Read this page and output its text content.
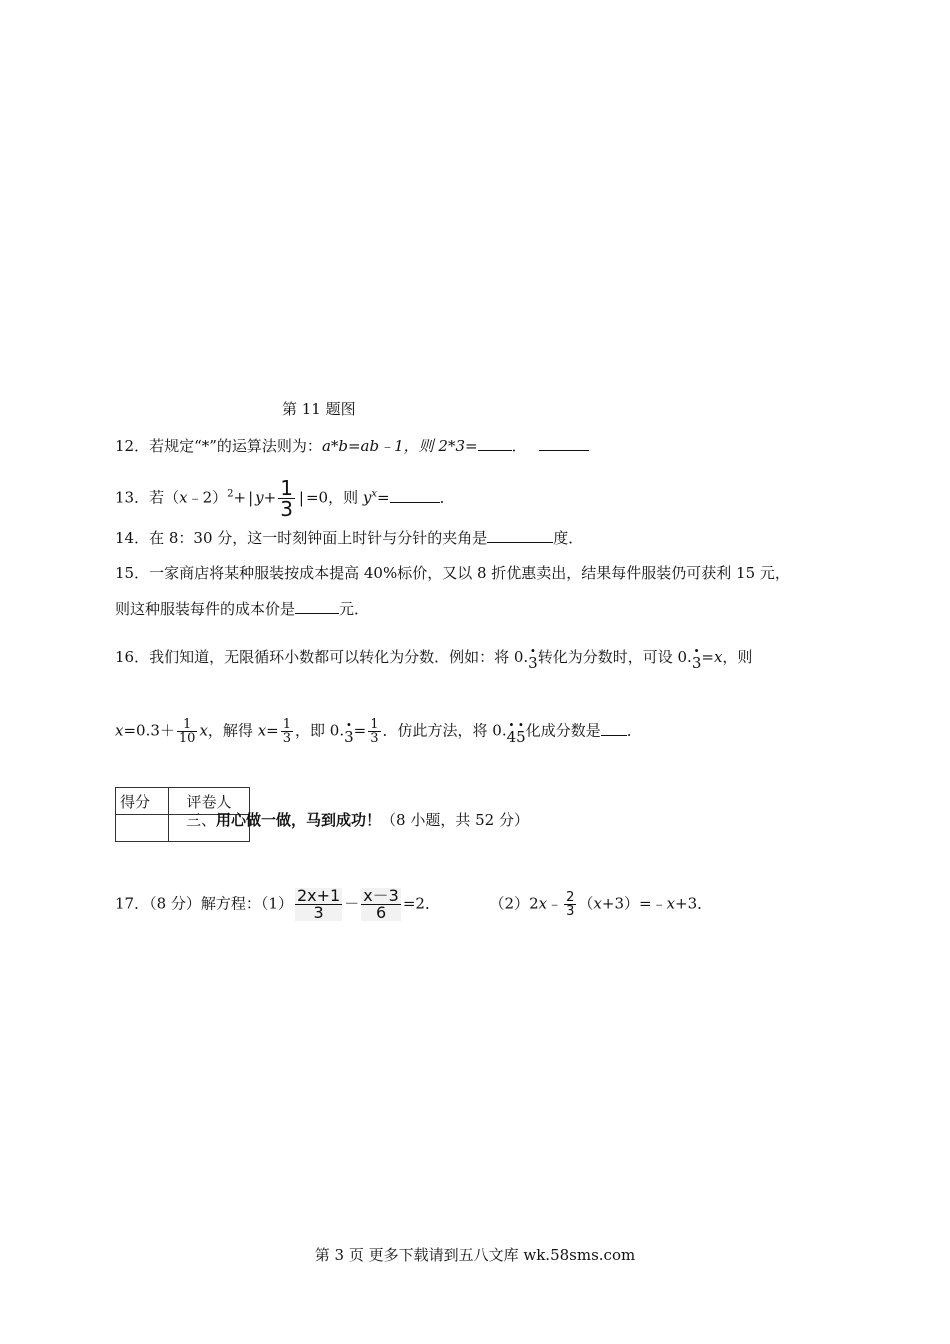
第 11 题图
12．若规定“*”的运算法则为：a*b=ab﹣1，则 2*3= ．
13．若（x﹣2）$^2$+ | $y+ \frac{1}{3}$ | =0，则 $y^x=$	．
14．在 8：30 分，这一时刻钟面上时针与分针的夹角是	度．
15．一家商店将某种服装按成本提高 40%标价，又以 8 折优惠卖出，结果每件服装仍可获利 15 元，
则这种服装每件的成本价是	元．
16．我们知道，无限循环小数都可以转化为分数．例如：将 0.· 3转化为分数时，可设 0.· 3=x，则
$x=0.3+ \frac{1}{10}$ x，解得 $x= \frac{1}{3}$ ，即 $0.\cdot 3= \frac{1}{3}$ ．仿此方法，将 0.· 4· 5化成分数是 ．
得分	评卷人

三、用心做一做，马到成功！（8 小题，共 52 分）
17．（8 分）解方程：$(1) \frac{2x+1}{3} - \frac{x-3}{6} =2$．	（2）2x﹣ $\frac{2}{3}$ （x+3）=﹣x+3．
第 3 页 更多下载请到五八文库 wk.58sms.com
